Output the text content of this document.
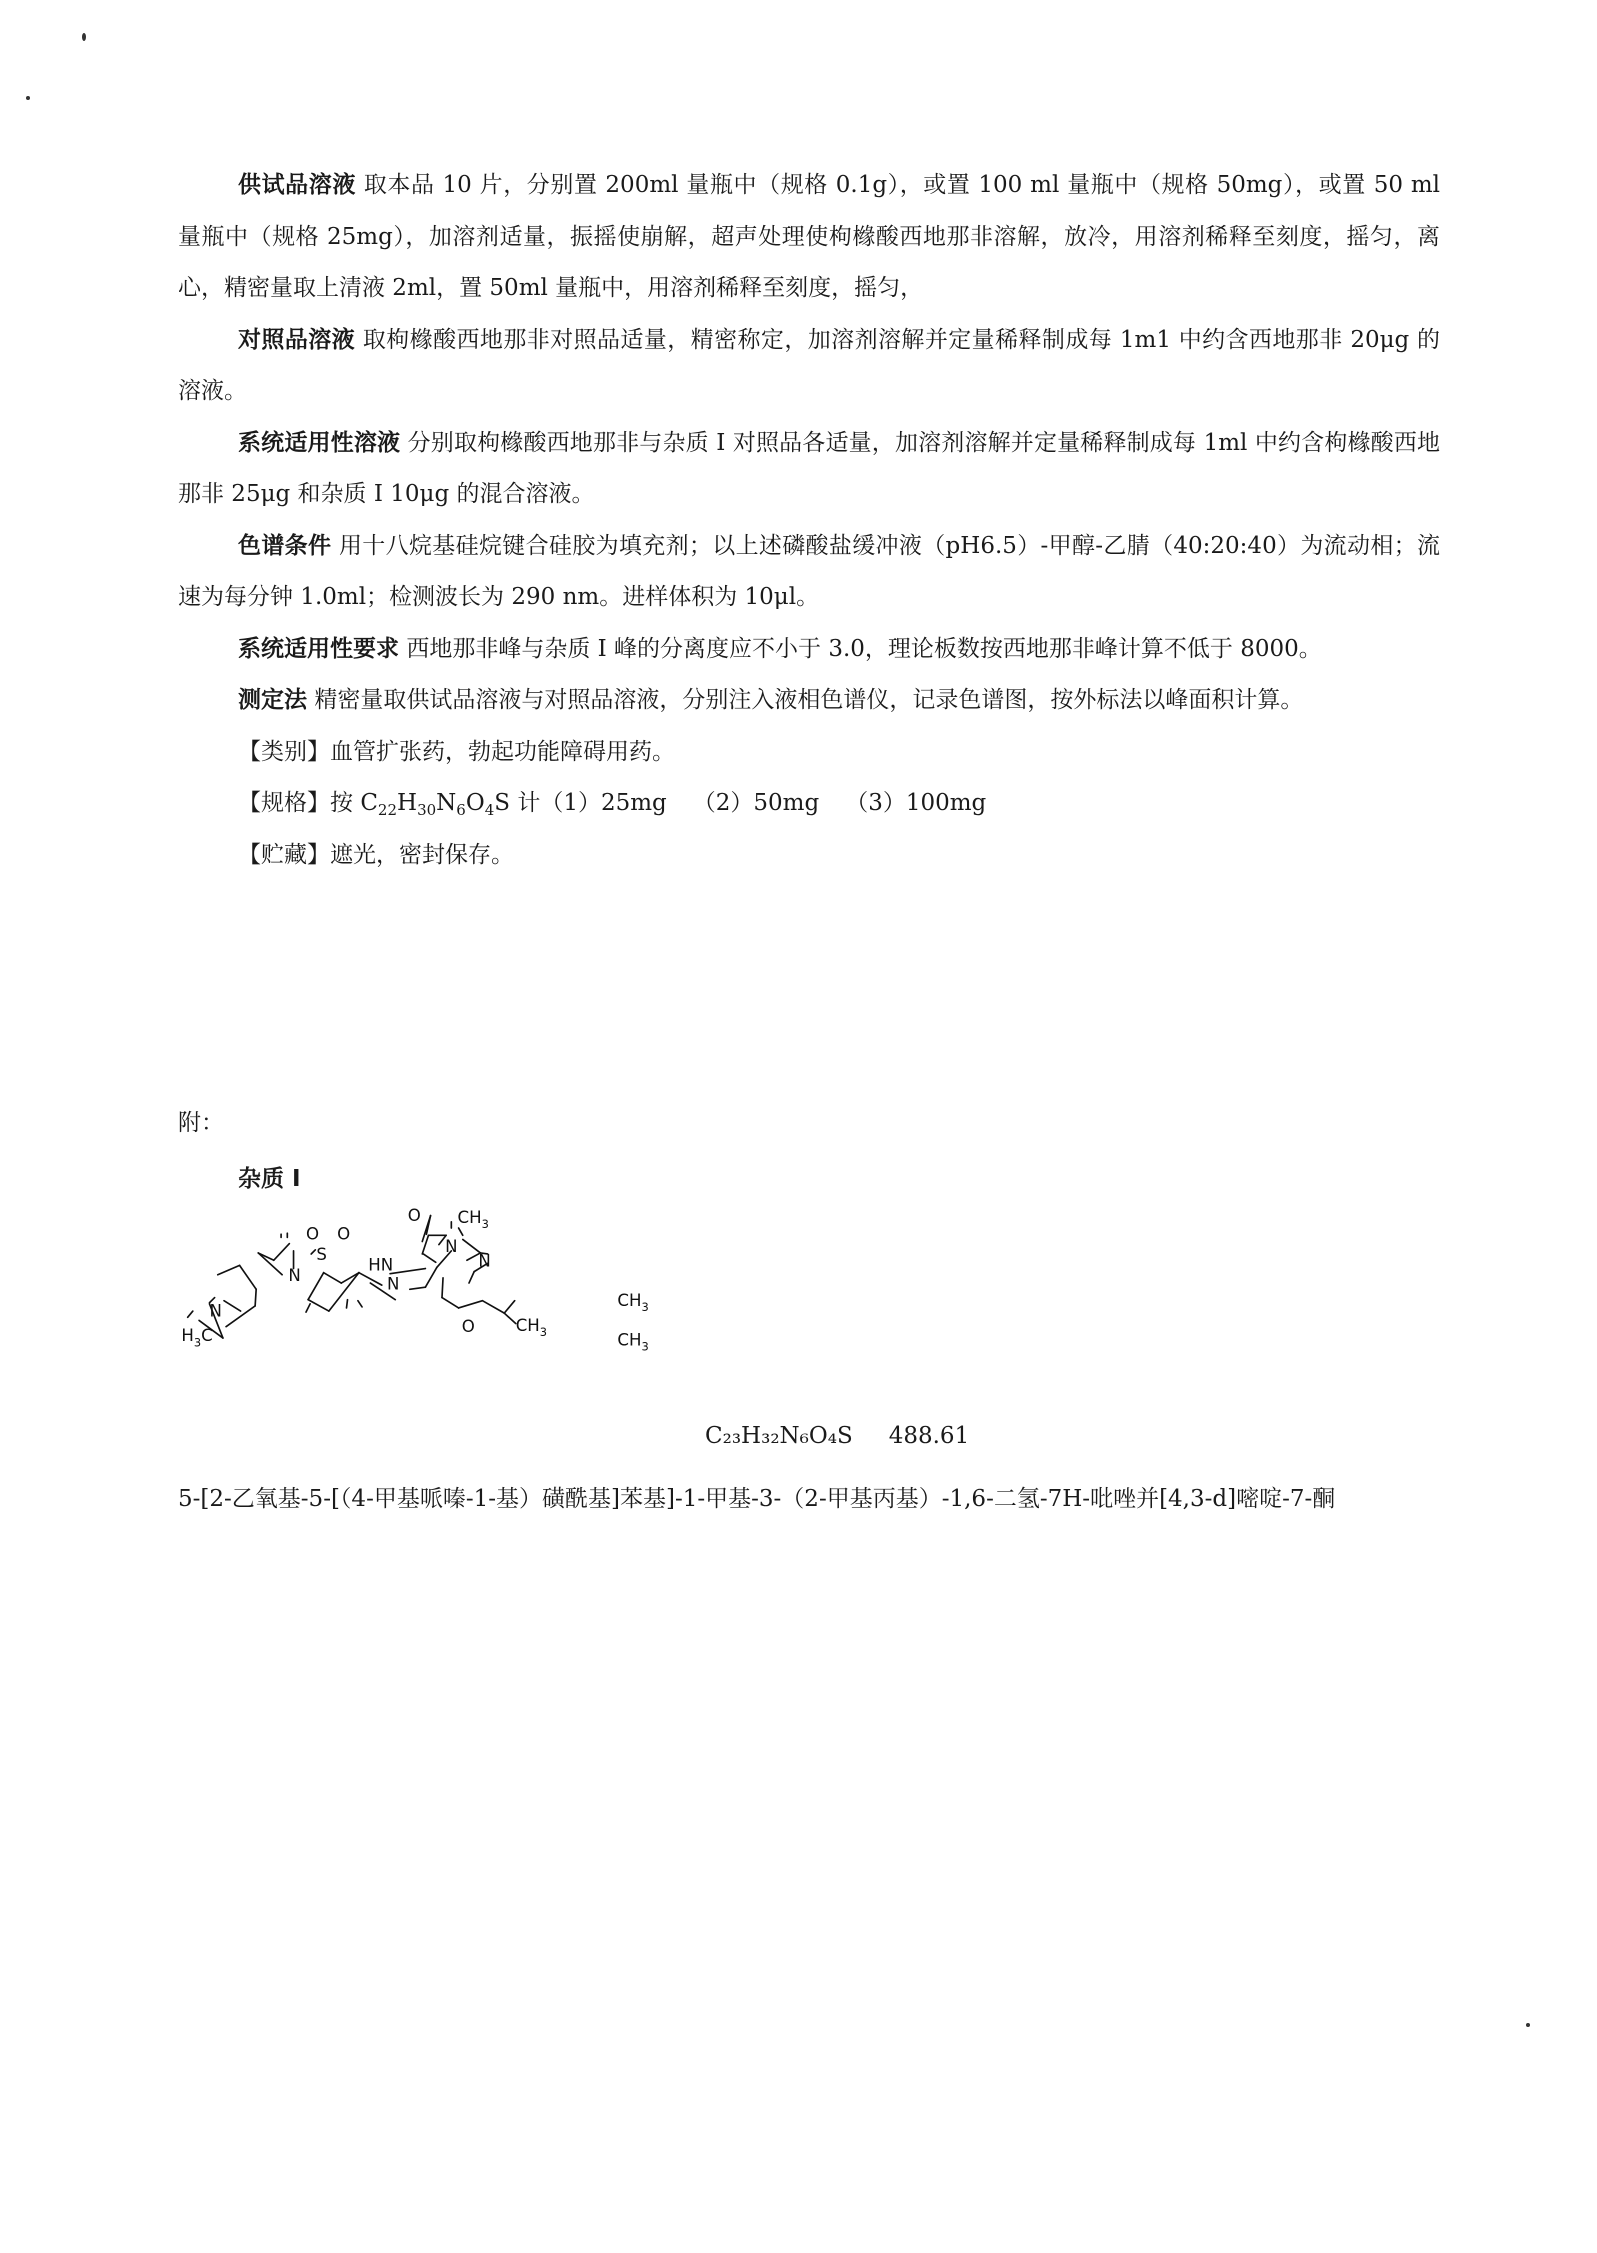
供试品溶液 取本品 10 片，分别置 200ml 量瓶中（规格 0.1g），或置 100 ml 量瓶中（规格 50mg），或置 50 ml 量瓶中（规格 25mg），加溶剂适量，振摇使崩解，超声处理使枸橼酸西地那非溶解，放冷，用溶剂稀释至刻度，摇匀，离心，精密量取上清液 2ml，置 50ml 量瓶中，用溶剂稀释至刻度，摇匀，

对照品溶液 取枸橼酸西地那非对照品适量，精密称定，加溶剂溶解并定量稀释制成每 1m1 中约含西地那非 20μg 的溶液。

系统适用性溶液 分别取枸橼酸西地那非与杂质 I 对照品各适量，加溶剂溶解并定量稀释制成每 1ml 中约含枸橼酸西地那非 25μg 和杂质 I 10μg 的混合溶液。

色谱条件 用十八烷基硅烷键合硅胶为填充剂；以上述磷酸盐缓冲液（pH6.5）-甲醇-乙腈（40:20:40）为流动相；流速为每分钟 1.0ml；检测波长为 290 nm。进样体积为 10μl。

系统适用性要求 西地那非峰与杂质 I 峰的分离度应不小于 3.0，理论板数按西地那非峰计算不低于 8000。

测定法 精密量取供试品溶液与对照品溶液，分别注入液相色谱仪，记录色谱图，按外标法以峰面积计算。

【类别】血管扩张药，勃起功能障碍用药。

【规格】按 $C_{22}H_{30}N_6O_4S$ 计（1）25mg （2）50mg （3）100mg

【贮藏】遮光，密封保存。

附：
杂质 I
O $CH_3$
HN
N
N
N
O O
S
N
N
$H_3C$	O	$CH_3$
$CH_3$
$CH_3$
C₂₃H₃₂N₆O₄S 488.61

5-[2-乙氧基-5-[（4-甲基哌嗪-1-基）磺酰基]苯基]-1-甲基-3-（2-甲基丙基）-1,6-二氢-7H-吡唑并[4,3-d]嘧啶-7-酮
